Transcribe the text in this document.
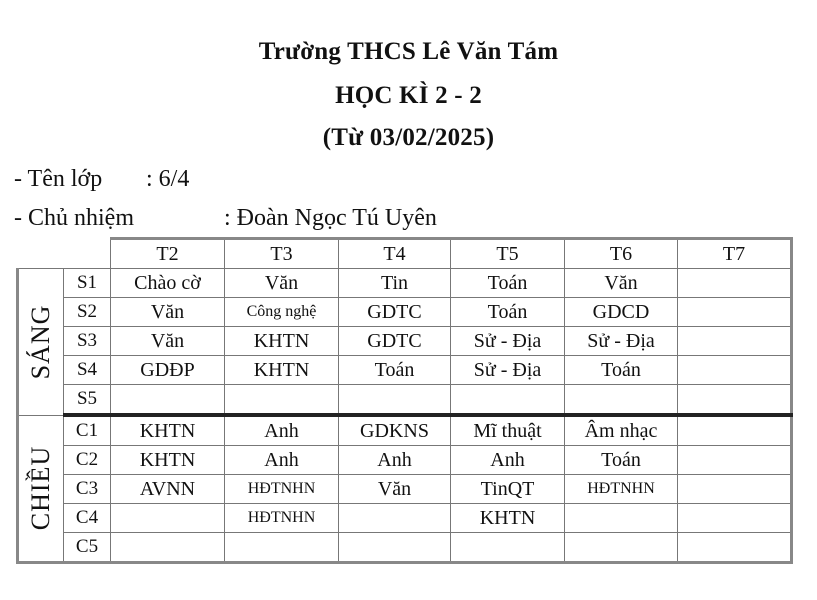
Trường THCS Lê Văn Tám
HỌC KÌ 2 - 2
(Từ 03/02/2025)
- Tên lớp : 6/4
- Chủ nhiệm	: Đoàn Ngọc Tú Uyên
		T2	T3	T4	T5	T6	T7

SÁNG	S1	Chào cờ	Văn	Tin	Toán	Văn	
	S2	Văn	Công nghệ	GDTC	Toán	GDCD	
	S3	Văn	KHTN	GDTC	Sử - Địa	Sử - Địa	
	S4	GDĐP	KHTN	Toán	Sử - Địa	Toán	
	S5						

CHIỀU	C1	KHTN	Anh	GDKNS	Mĩ thuật	Âm nhạc	
	C2	KHTN	Anh	Anh	Anh	Toán	
	C3	AVNN	HĐTNHN	Văn	TinQT	HĐTNHN	
	C4		HĐTNHN		KHTN		
	C5						
